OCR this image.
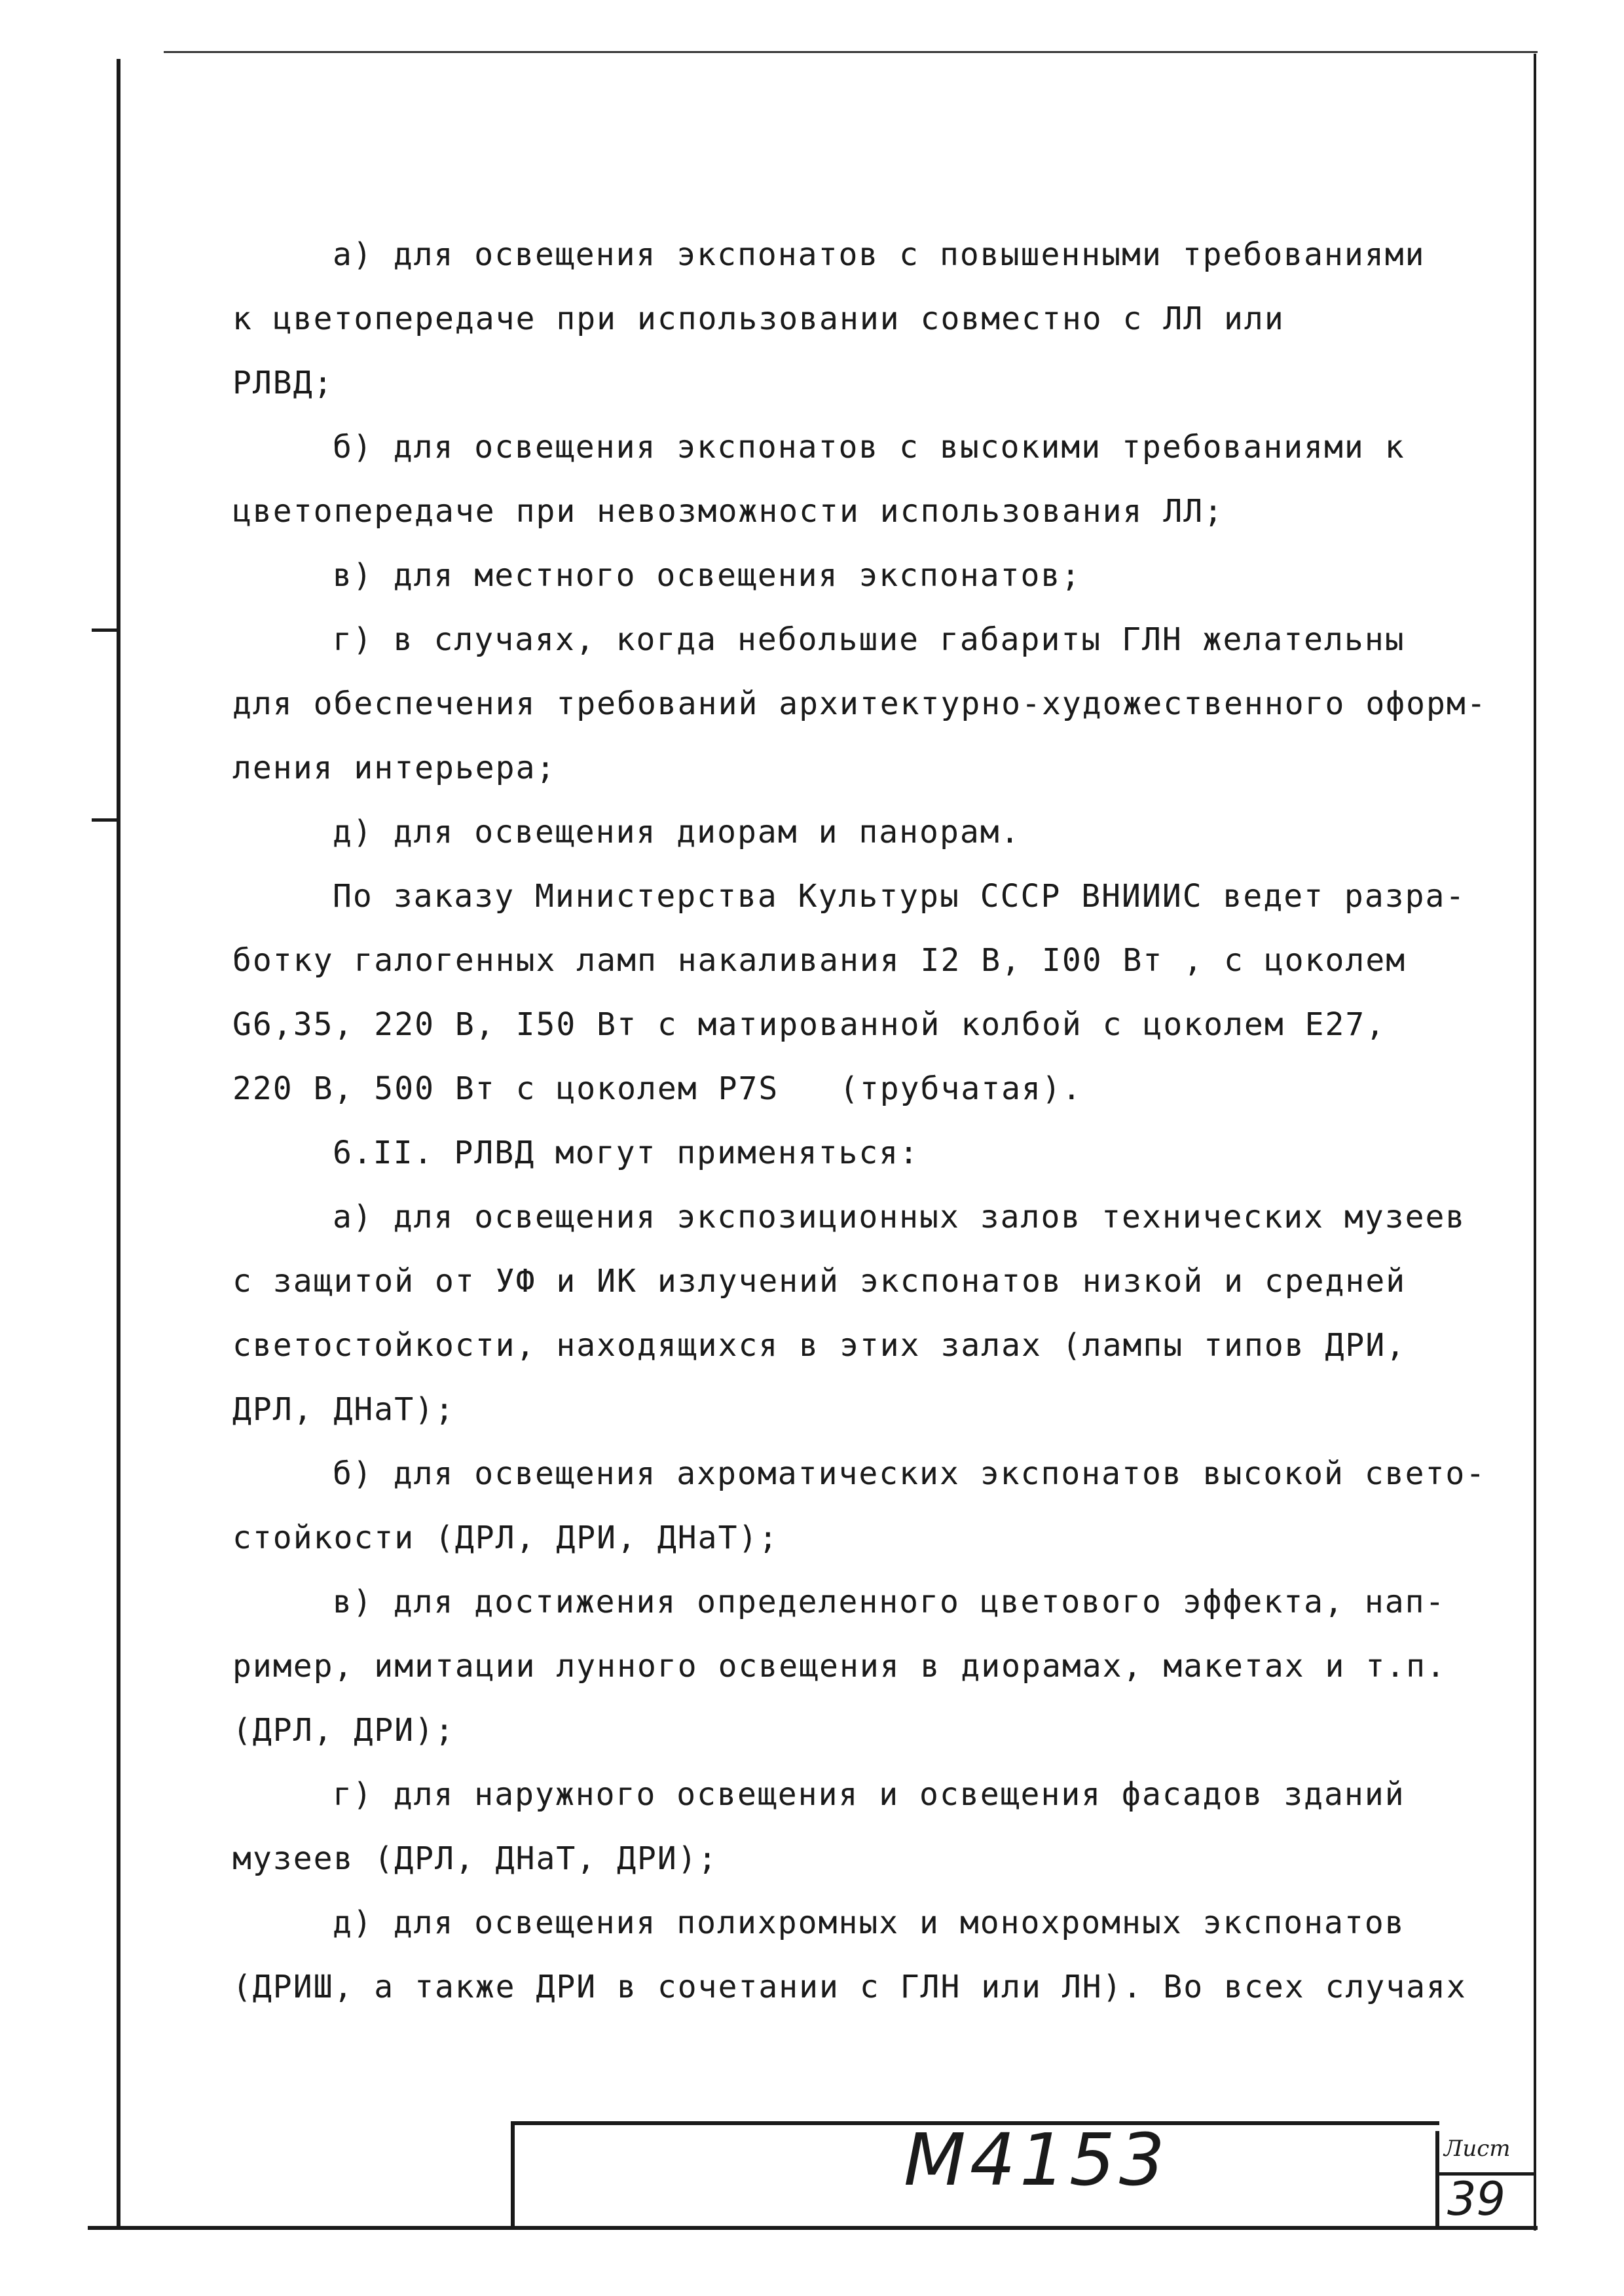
а) для освещения экспонатов с повышенными требованиями
к цветопередаче при использовании совместно с ЛЛ или
РЛВД;
б) для освещения экспонатов с высокими требованиями к
цветопередаче при невозможности использования ЛЛ;
в) для местного освещения экспонатов;
г) в случаях, когда небольшие габариты ГЛН желательны
для обеспечения требований архитектурно-художественного оформ-
ления интерьера;
д) для освещения диорам и панорам.
По заказу Министерства Культуры СССР ВНИИИС ведет разра-
ботку галогенных ламп накаливания I2 В, I00 Вт , с цоколем
G6,35, 220 В, I50 Вт с матированной колбой с цоколем Е27,
220 В, 500 Вт с цоколем Р7S   (трубчатая).
6.II. РЛВД могут применяться:
а) для освещения экспозиционных залов технических музеев
с защитой от УФ и ИК излучений экспонатов низкой и средней
светостойкости, находящихся в этих залах (лампы типов ДРИ,
ДРЛ, ДНаТ);
б) для освещения ахроматических экспонатов высокой свето-
стойкости (ДРЛ, ДРИ, ДНаТ);
в) для достижения определенного цветового эффекта, нап-
ример, имитации лунного освещения в диорамах, макетах и т.п.
(ДРЛ, ДРИ);
г) для наружного освещения и освещения фасадов зданий
музеев (ДРЛ, ДНаТ, ДРИ);
д) для освещения полихромных и монохромных экспонатов
(ДРИШ, а также ДРИ в сочетании с ГЛН или ЛН). Во всех случаях
М4153	Лист
39
